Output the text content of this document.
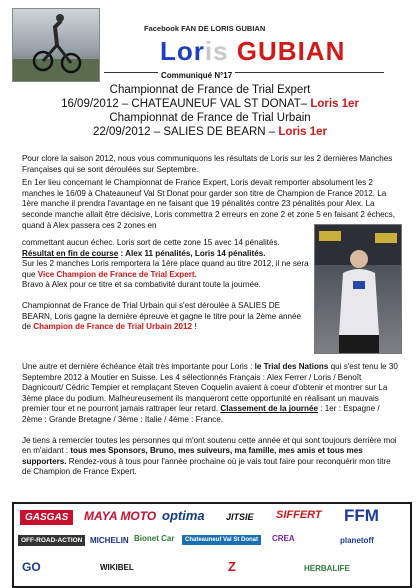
Facebook FAN DE LORIS GUBIAN
Loris GUBIAN
Communiqué N°17
Championnat de France de Trial Expert
16/09/2012 – CHATEAUNEUF VAL ST DONAT– Loris 1er
Championnat de France de Trial Urbain
22/09/2012 – SALIES DE BEARN – Loris 1er

Pour clore la saison 2012, nous vous communiquons les résultats de Loris sur les 2 dernières Manches Françaises qui se sont déroulées sur Septembre.

En 1er lieu concernant le Championnat de France Expert, Loris devait remporter absolument les 2 manches le 16/09 à Chateauneuf Val St Donat pour garder son titre de Champion de France 2012. La 1ère manche il prendra l'avantage en ne faisant que 19 pénalités contre 23 pénalités pour Alex. La seconde manche allait être décisive, Loris commettra 2 erreurs en zone 2 et zone 5 en faisant 2 échecs, quand à Alex passera ces 2 zones en

commettant aucun échec. Loris sort de cette zone 15 avec 14 pénalités.

Résultat en fin de course : Alex 11 pénalités, Loris 14 pénalités.

Sur les 2 manches Loris remportera la 1ère place quand au titre 2012, il ne sera que Vice Champion de France de Trial Expert.

Bravo à Alex pour ce titre et sa combativité durant toute la journée.

Championnat de France de Trial Urbain qui s'est déroulée à SALIES DE BEARN, Loris gagne la dernière épreuve et gagne le titre pour la 2ème année de Champion de France de Trial Urbain 2012 !

Une autre et dernière échéance était très importante pour Loris : le Trial des Nations qui s'est tenu le 30 Septembre 2012 à Moutier en Suisse. Les 4 sélectionnés Français : Alex Ferrer / Loris / Benoît Dagnicourt/ Cédric Tempier et remplaçant Steven Coquelin avaient à coeur d'obtenir et montrer sur La 3ème place du podium. Malheureusement ils manqueront cette opportunité en réalisant un mauvais premier tour et ne pourront jamais rattraper leur retard. Classement de la journée : 1er : Espagne / 2ème : Grande Bretagne / 3ème : Italie / 4ème : France.

Je tiens à remercier toutes les personnes qui m'ont soutenu cette année et qui sont toujours derrière moi en m'aidant : tous mes Sponsors, Bruno, mes suiveurs, ma famille, mes amis et tous mes supporters. Rendez-vous à tous pour l'année prochaine où je vais tout faire pour reconquérir mon titre de Champion de France Expert.

GASGAS	MAYA MOTO optima JITSIE SIFFERT FFM
OFF-ROAD-ACTION MICHELIN Bionet Car	Chateauneuf Val St Donat	CREA	planetoff
GO	WIKIBEL	Z	HERBALIFE
